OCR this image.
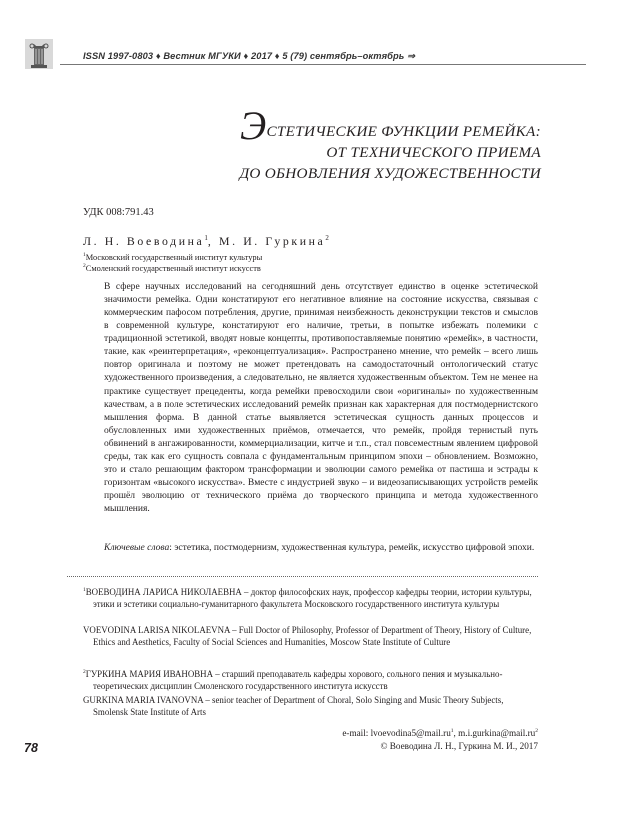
ISSN 1997-0803 ♦ Вестник МГУКИ ♦ 2017 ♦ 5 (79) сентябрь–октябрь ⇒
ЭСТЕТИЧЕСКИЕ ФУНКЦИИ РЕМЕЙКА:
ОТ ТЕХНИЧЕСКОГО ПРИЕМА
ДО ОБНОВЛЕНИЯ ХУДОЖЕСТВЕННОСТИ
УДК 008:791.43
Л. Н. Воеводина$^1$, М. И. Гуркина$^2$
$^1$Московский государственный институт культуры
$^2$Смоленский государственный институт искусств

В сфере научных исследований на сегодняшний день отсутствует единство в оценке эстетической значимости ремейка. Одни констатируют его негативное влияние на состояние искусства, связывая с коммерческим пафосом потребления, другие, принимая неизбежность деконструкции текстов и смыслов в современной культуре, констатируют его наличие, третьи, в попытке избежать полемики с традиционной эстетикой, вводят новые концепты, противопоставляемые понятию «ремейк», в частности, такие, как «реинтерпретация», «реконцептуализация». Распространено мнение, что ремейк – всего лишь повтор оригинала и поэтому не может претендовать на самодостаточный онтологический статус художественного произведения, а следовательно, не является художественным объектом. Тем не менее на практике существует прецеденты, когда ремейки превосходили свои «оригиналы» по художественным качествам, а в поле эстетических исследований ремейк признан как характерная для постмодернистского мышления форма. В данной статье выявляется эстетическая сущность данных процессов и обусловленных ими художественных приёмов, отмечается, что ремейк, пройдя тернистый путь обвинений в ангажированности, коммерциализации, китче и т.п., стал повсеместным явлением цифровой среды, так как его сущность совпала с фундаментальным принципом эпохи – обновлением. Возможно, это и стало решающим фактором трансформации и эволюции самого ремейка от пастиша и эстрады к горизонтам «высокого искусства». Вместе с индустрией звуко – и видеозаписывающих устройств ремейк прошёл эволюцию от технического приёма до творческого принципа и метода художественного мышления.

Ключевые слова: эстетика, постмодернизм, художественная культура, ремейк, искусство цифровой эпохи.

$^1$ВОЕВОДИНА ЛАРИСА НИКОЛАЕВНА – доктор философских наук, профессор кафедры теории, истории культуры, этики и эстетики социально-гуманитарного факультета Московского государственного института культуры

VOEVODINA LARISA NIKOLAEVNA – Full Doctor of Philosophy, Professor of Department of Theory, History of Culture, Ethics and Aesthetics, Faculty of Social Sciences and Humanities, Moscow State Institute of Culture

$^2$ГУРКИНА МАРИЯ ИВАНОВНА – старший преподаватель кафедры хорового, сольного пения и музыкально-теоретических дисциплин Смоленского государственного института искусств

GURKINA MARIA IVANOVNA – senior teacher of Department of Choral, Solo Singing and Music Theory Subjects, Smolensk State Institute of Arts

e-mail: $lvoevodina5@mail.ru^1$, $m.i.gurkina@mail.ru^2$
© Воеводина Л. Н., Гуркина М. И., 2017
78
